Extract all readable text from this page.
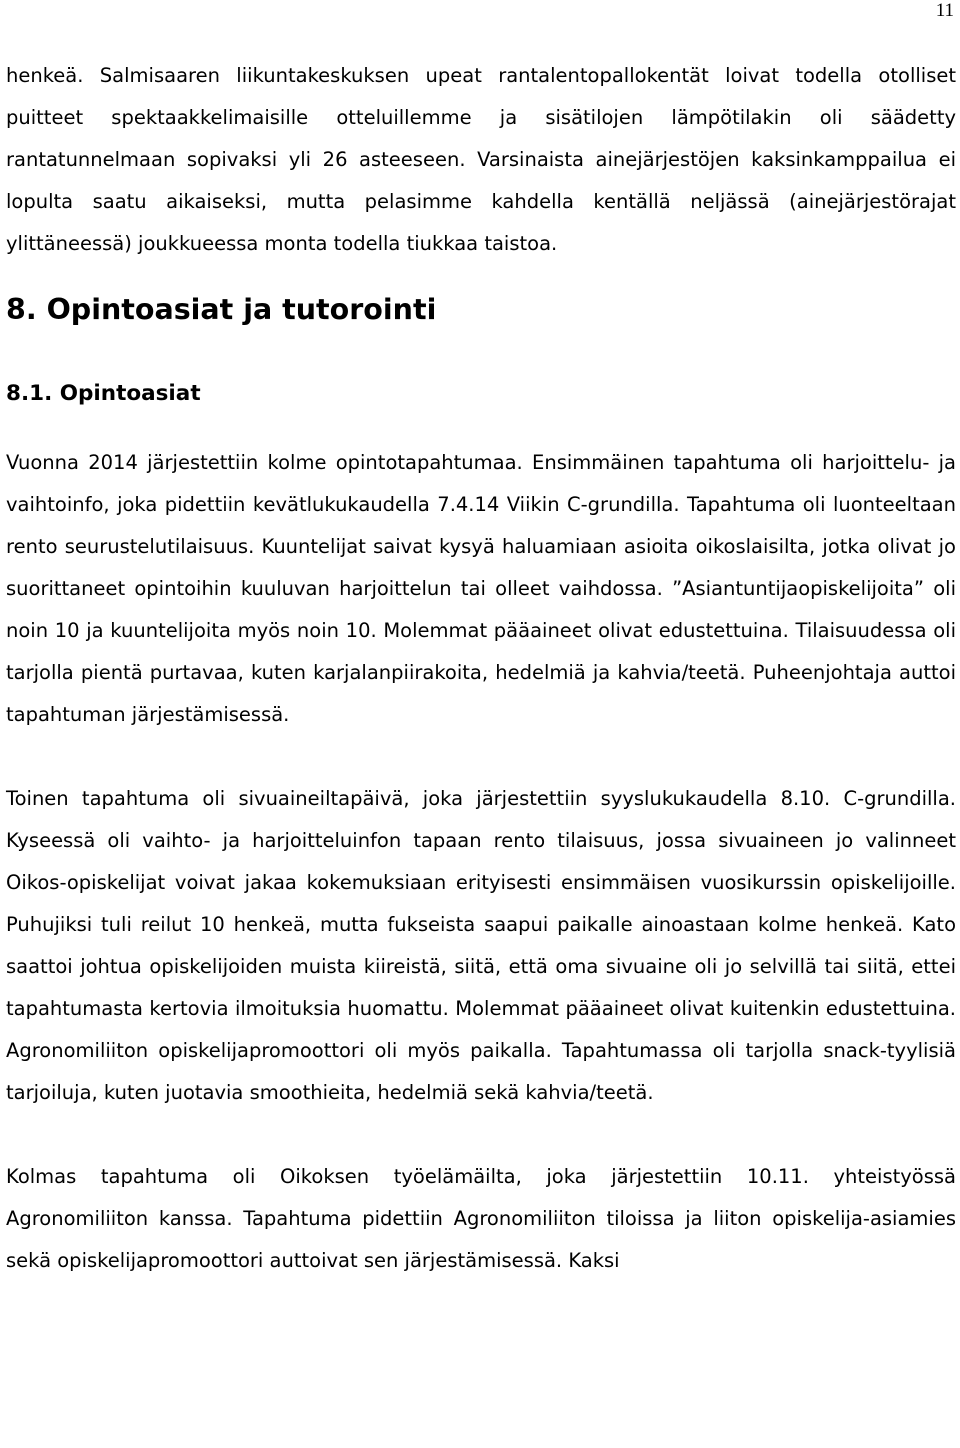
11

henkeä. Salmisaaren liikuntakeskuksen upeat rantalentopallokentät loivat todella otolliset puitteet spektaakkelimaisille otteluillemme ja sisätilojen lämpötilakin oli säädetty rantatunnelmaan sopivaksi yli 26 asteeseen. Varsinaista ainejärjestöjen kaksinkamppailua ei lopulta saatu aikaiseksi, mutta pelasimme kahdella kentällä neljässä (ainejärjestörajat ylittäneessä) joukkueessa monta todella tiukkaa taistoa.

8. Opintoasiat ja tutorointi
8.1. Opintoasiat

Vuonna 2014 järjestettiin kolme opintotapahtumaa. Ensimmäinen tapahtuma oli harjoittelu- ja vaihtoinfo, joka pidettiin kevätlukukaudella 7.4.14 Viikin C-grundilla. Tapahtuma oli luonteeltaan rento seurustelutilaisuus. Kuuntelijat saivat kysyä haluamiaan asioita oikoslaisilta, jotka olivat jo suorittaneet opintoihin kuuluvan harjoittelun tai olleet vaihdossa. ”Asiantuntijaopiskelijoita” oli noin 10 ja kuuntelijoita myös noin 10. Molemmat pääaineet olivat edustettuina. Tilaisuudessa oli tarjolla pientä purtavaa, kuten karjalanpiirakoita, hedelmiä ja kahvia/teetä. Puheenjohtaja auttoi tapahtuman järjestämisessä.

Toinen tapahtuma oli sivuaineiltapäivä, joka järjestettiin syyslukukaudella 8.10. C-grundilla. Kyseessä oli vaihto- ja harjoitteluinfon tapaan rento tilaisuus, jossa sivuaineen jo valinneet Oikos-opiskelijat voivat jakaa kokemuksiaan erityisesti ensimmäisen vuosikurssin opiskelijoille. Puhujiksi tuli reilut 10 henkeä, mutta fukseista saapui paikalle ainoastaan kolme henkeä. Kato saattoi johtua opiskelijoiden muista kiireistä, siitä, että oma sivuaine oli jo selvillä tai siitä, ettei tapahtumasta kertovia ilmoituksia huomattu. Molemmat pääaineet olivat kuitenkin edustettuina. Agronomiliiton opiskelijapromoottori oli myös paikalla. Tapahtumassa oli tarjolla snack-tyylisiä tarjoiluja, kuten juotavia smoothieita, hedelmiä sekä kahvia/teetä.

Kolmas tapahtuma oli Oikoksen työelämäilta, joka järjestettiin 10.11. yhteistyössä Agronomiliiton kanssa. Tapahtuma pidettiin Agronomiliiton tiloissa ja liiton opiskelija-asiamies sekä opiskelijapromoottori auttoivat sen järjestämisessä. Kaksi
